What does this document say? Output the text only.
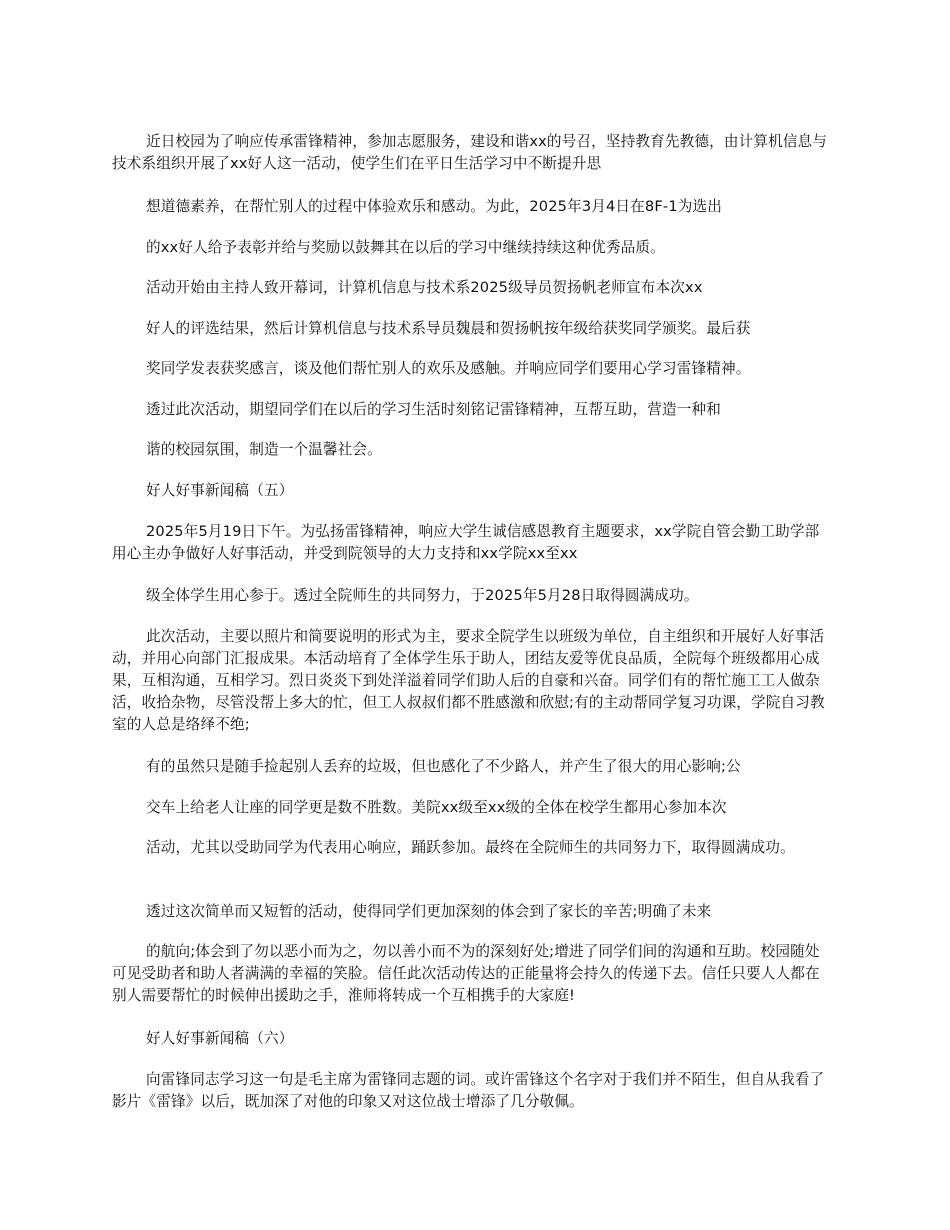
近日校园为了响应传承雷锋精神，参加志愿服务，建设和谐xx的号召，坚持教育先教德，由计算机信息与技术系组织开展了xx好人这一活动，使学生们在平日生活学习中不断提升思

想道德素养，在帮忙别人的过程中体验欢乐和感动。为此，2025年3月4日在8F-1为选出

的xx好人给予表彰并给与奖励以鼓舞其在以后的学习中继续持续这种优秀品质。

活动开始由主持人致开幕词，计算机信息与技术系2025级导员贺扬帆老师宣布本次xx

好人的评选结果，然后计算机信息与技术系导员魏晨和贺扬帆按年级给获奖同学颁奖。最后获

奖同学发表获奖感言，谈及他们帮忙别人的欢乐及感触。并响应同学们要用心学习雷锋精神。

透过此次活动，期望同学们在以后的学习生活时刻铭记雷锋精神，互帮互助，营造一种和

谐的校园氛围，制造一个温馨社会。

好人好事新闻稿（五）

2025年5月19日下午。为弘扬雷锋精神，响应大学生诚信感恩教育主题要求，xx学院自管会勤工助学部用心主办争做好人好事活动，并受到院领导的大力支持和xx学院xx至xx

级全体学生用心参于。透过全院师生的共同努力，于2025年5月28日取得圆满成功。

此次活动，主要以照片和简要说明的形式为主，要求全院学生以班级为单位，自主组织和开展好人好事活动，并用心向部门汇报成果。本活动培育了全体学生乐于助人，团结友爱等优良品质，全院每个班级都用心成果，互相沟通，互相学习。烈日炎炎下到处洋溢着同学们助人后的自豪和兴奋。同学们有的帮忙施工工人做杂活，收拾杂物，尽管没帮上多大的忙，但工人叔叔们都不胜感激和欣慰;有的主动帮同学复习功课，学院自习教室的人总是络绎不绝;

有的虽然只是随手捡起别人丢弃的垃圾，但也感化了不少路人，并产生了很大的用心影响;公

交车上给老人让座的同学更是数不胜数。美院xx级至xx级的全体在校学生都用心参加本次

活动，尤其以受助同学为代表用心响应，踊跃参加。最终在全院师生的共同努力下，取得圆满成功。

透过这次简单而又短暂的活动，使得同学们更加深刻的体会到了家长的辛苦;明确了未来

的航向;体会到了勿以恶小而为之，勿以善小而不为的深刻好处;增进了同学们间的沟通和互助。校园随处可见受助者和助人者满满的幸福的笑脸。信任此次活动传达的正能量将会持久的传递下去。信任只要人人都在别人需要帮忙的时候伸出援助之手，淮师将转成一个互相携手的大家庭!

好人好事新闻稿（六）

向雷锋同志学习这一句是毛主席为雷锋同志题的词。或许雷锋这个名字对于我们并不陌生，但自从我看了影片《雷锋》以后，既加深了对他的印象又对这位战士增添了几分敬佩。
